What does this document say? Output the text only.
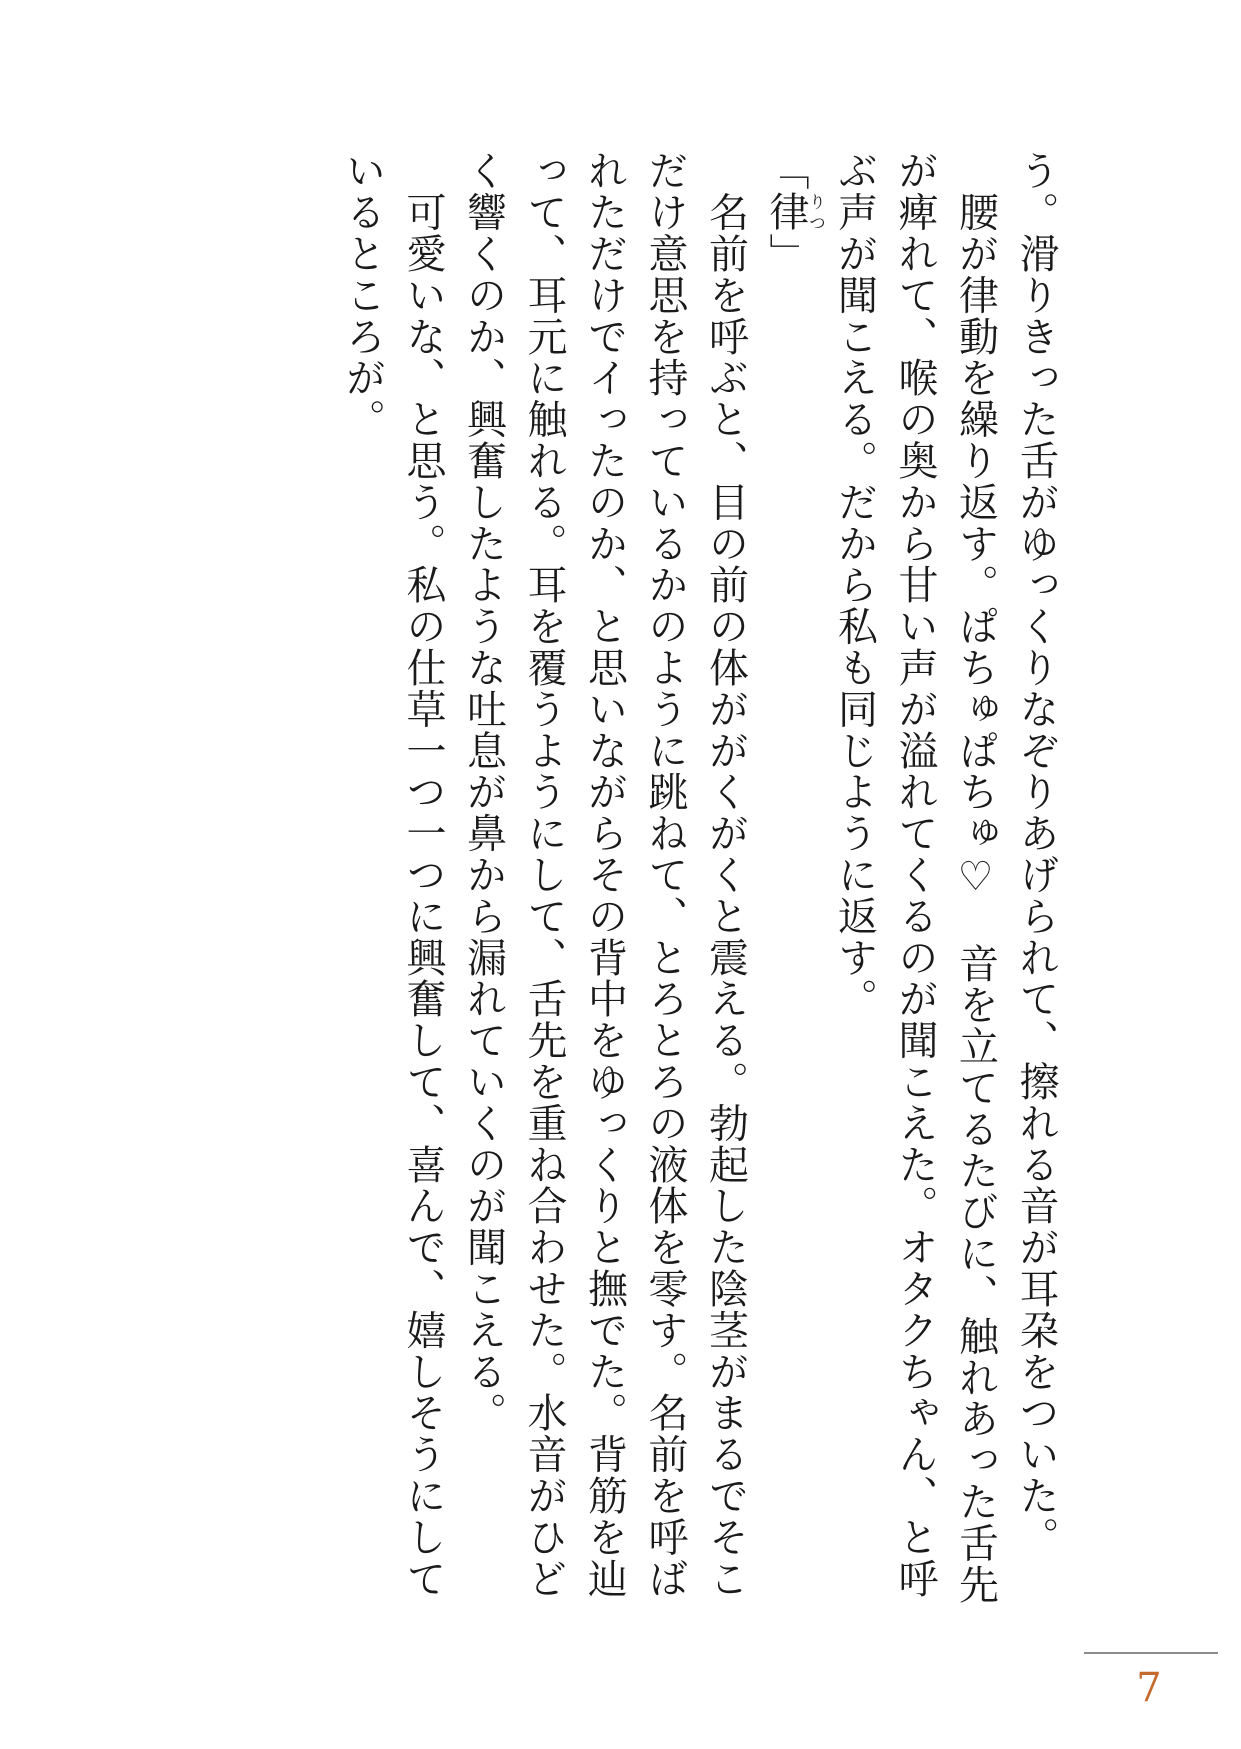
う。滑りきった舌がゆっくりなぞりあげられて、擦れる音が耳朶をついた。

　腰が律動を繰り返す。ぱちゅぱちゅ♡　音を立てるたびに、触れあった舌先が痺れて、喉の奥から甘い声が溢れてくるのが聞こえた。オタクちゃん、と呼ぶ声が聞こえる。だから私も同じように返す。

「律りつ」

　名前を呼ぶと、目の前の体ががくがくと震える。勃起した陰茎がまるでそこだけ意思を持っているかのように跳ねて、とろとろの液体を零す。名前を呼ばれただけでイったのか、と思いながらその背中をゆっくりと撫でた。背筋を辿って、耳元に触れる。耳を覆うようにして、舌先を重ね合わせた。水音がひどく響くのか、興奮したような吐息が鼻から漏れていくのが聞こえる。

　可愛いな、と思う。私の仕草一つ一つに興奮して、喜んで、嬉しそうにしているところが。

7
